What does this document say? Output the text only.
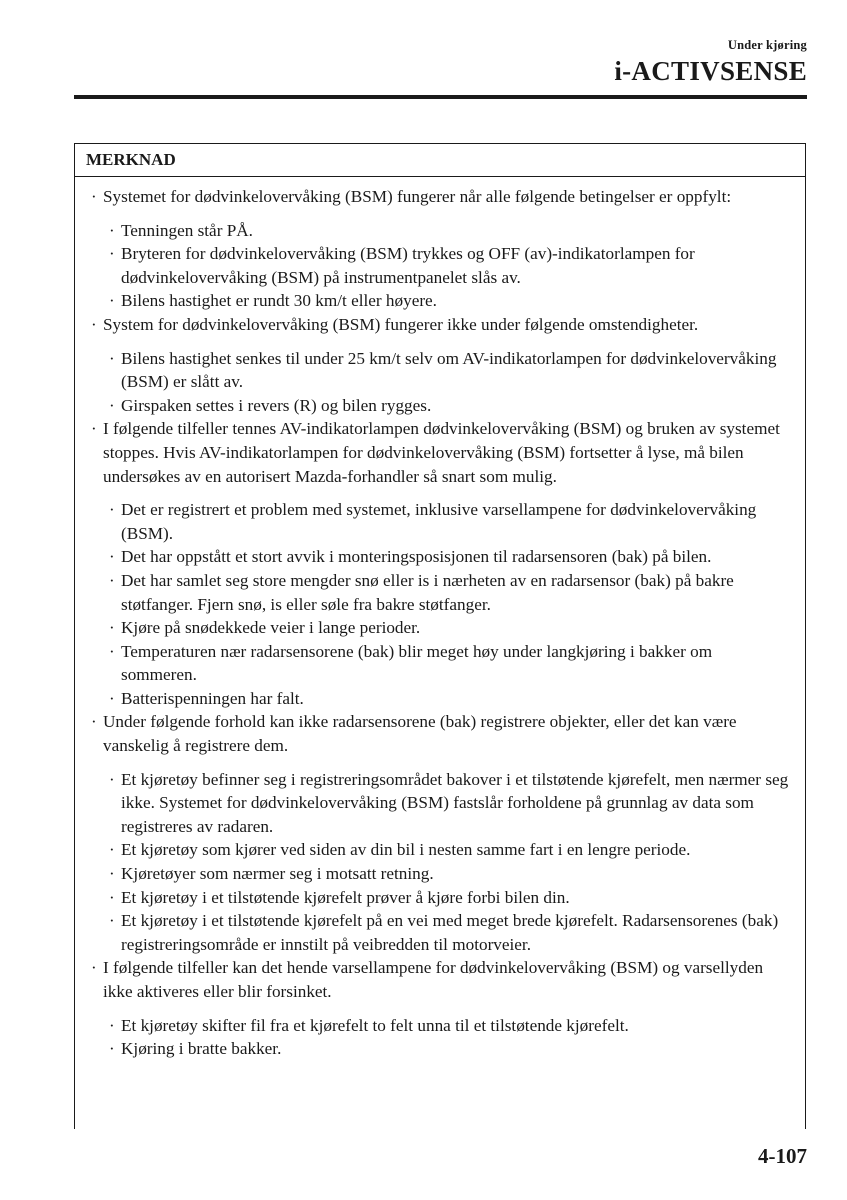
Under kjøring
i-ACTIVSENSE
MERKNAD
· Systemet for dødvinkelovervåking (BSM) fungerer når alle følgende betingelser er oppfylt:
· Tenningen står PÅ.
· Bryteren for dødvinkelovervåking (BSM) trykkes og OFF (av)-indikatorlampen for dødvinkelovervåking (BSM) på instrumentpanelet slås av.
· Bilens hastighet er rundt 30 km/t eller høyere.
· System for dødvinkelovervåking (BSM) fungerer ikke under følgende omstendigheter.
· Bilens hastighet senkes til under 25 km/t selv om AV-indikatorlampen for dødvinkelovervåking (BSM) er slått av.
· Girspaken settes i revers (R) og bilen rygges.
· I følgende tilfeller tennes AV-indikatorlampen dødvinkelovervåking (BSM) og bruken av systemet stoppes. Hvis AV-indikatorlampen for dødvinkelovervåking (BSM) fortsetter å lyse, må bilen undersøkes av en autorisert Mazda-forhandler så snart som mulig.
· Det er registrert et problem med systemet, inklusive varsellampene for dødvinkelovervåking (BSM).
· Det har oppstått et stort avvik i monteringsposisjonen til radarsensoren (bak) på bilen.
· Det har samlet seg store mengder snø eller is i nærheten av en radarsensor (bak) på bakre støtfanger. Fjern snø, is eller søle fra bakre støtfanger.
· Kjøre på snødekkede veier i lange perioder.
· Temperaturen nær radarsensorene (bak) blir meget høy under langkjøring i bakker om sommeren.
· Batterispenningen har falt.
· Under følgende forhold kan ikke radarsensorene (bak) registrere objekter, eller det kan være vanskelig å registrere dem.
· Et kjøretøy befinner seg i registreringsområdet bakover i et tilstøtende kjørefelt, men nærmer seg ikke. Systemet for dødvinkelovervåking (BSM) fastslår forholdene på grunnlag av data som registreres av radaren.
· Et kjøretøy som kjører ved siden av din bil i nesten samme fart i en lengre periode.
· Kjøretøyer som nærmer seg i motsatt retning.
· Et kjøretøy i et tilstøtende kjørefelt prøver å kjøre forbi bilen din.
· Et kjøretøy i et tilstøtende kjørefelt på en vei med meget brede kjørefelt. Radarsensorenes (bak) registreringsområde er innstilt på veibredden til motorveier.
· I følgende tilfeller kan det hende varsellampene for dødvinkelovervåking (BSM) og varsellyden ikke aktiveres eller blir forsinket.
· Et kjøretøy skifter fil fra et kjørefelt to felt unna til et tilstøtende kjørefelt.
· Kjøring i bratte bakker.
4-107
